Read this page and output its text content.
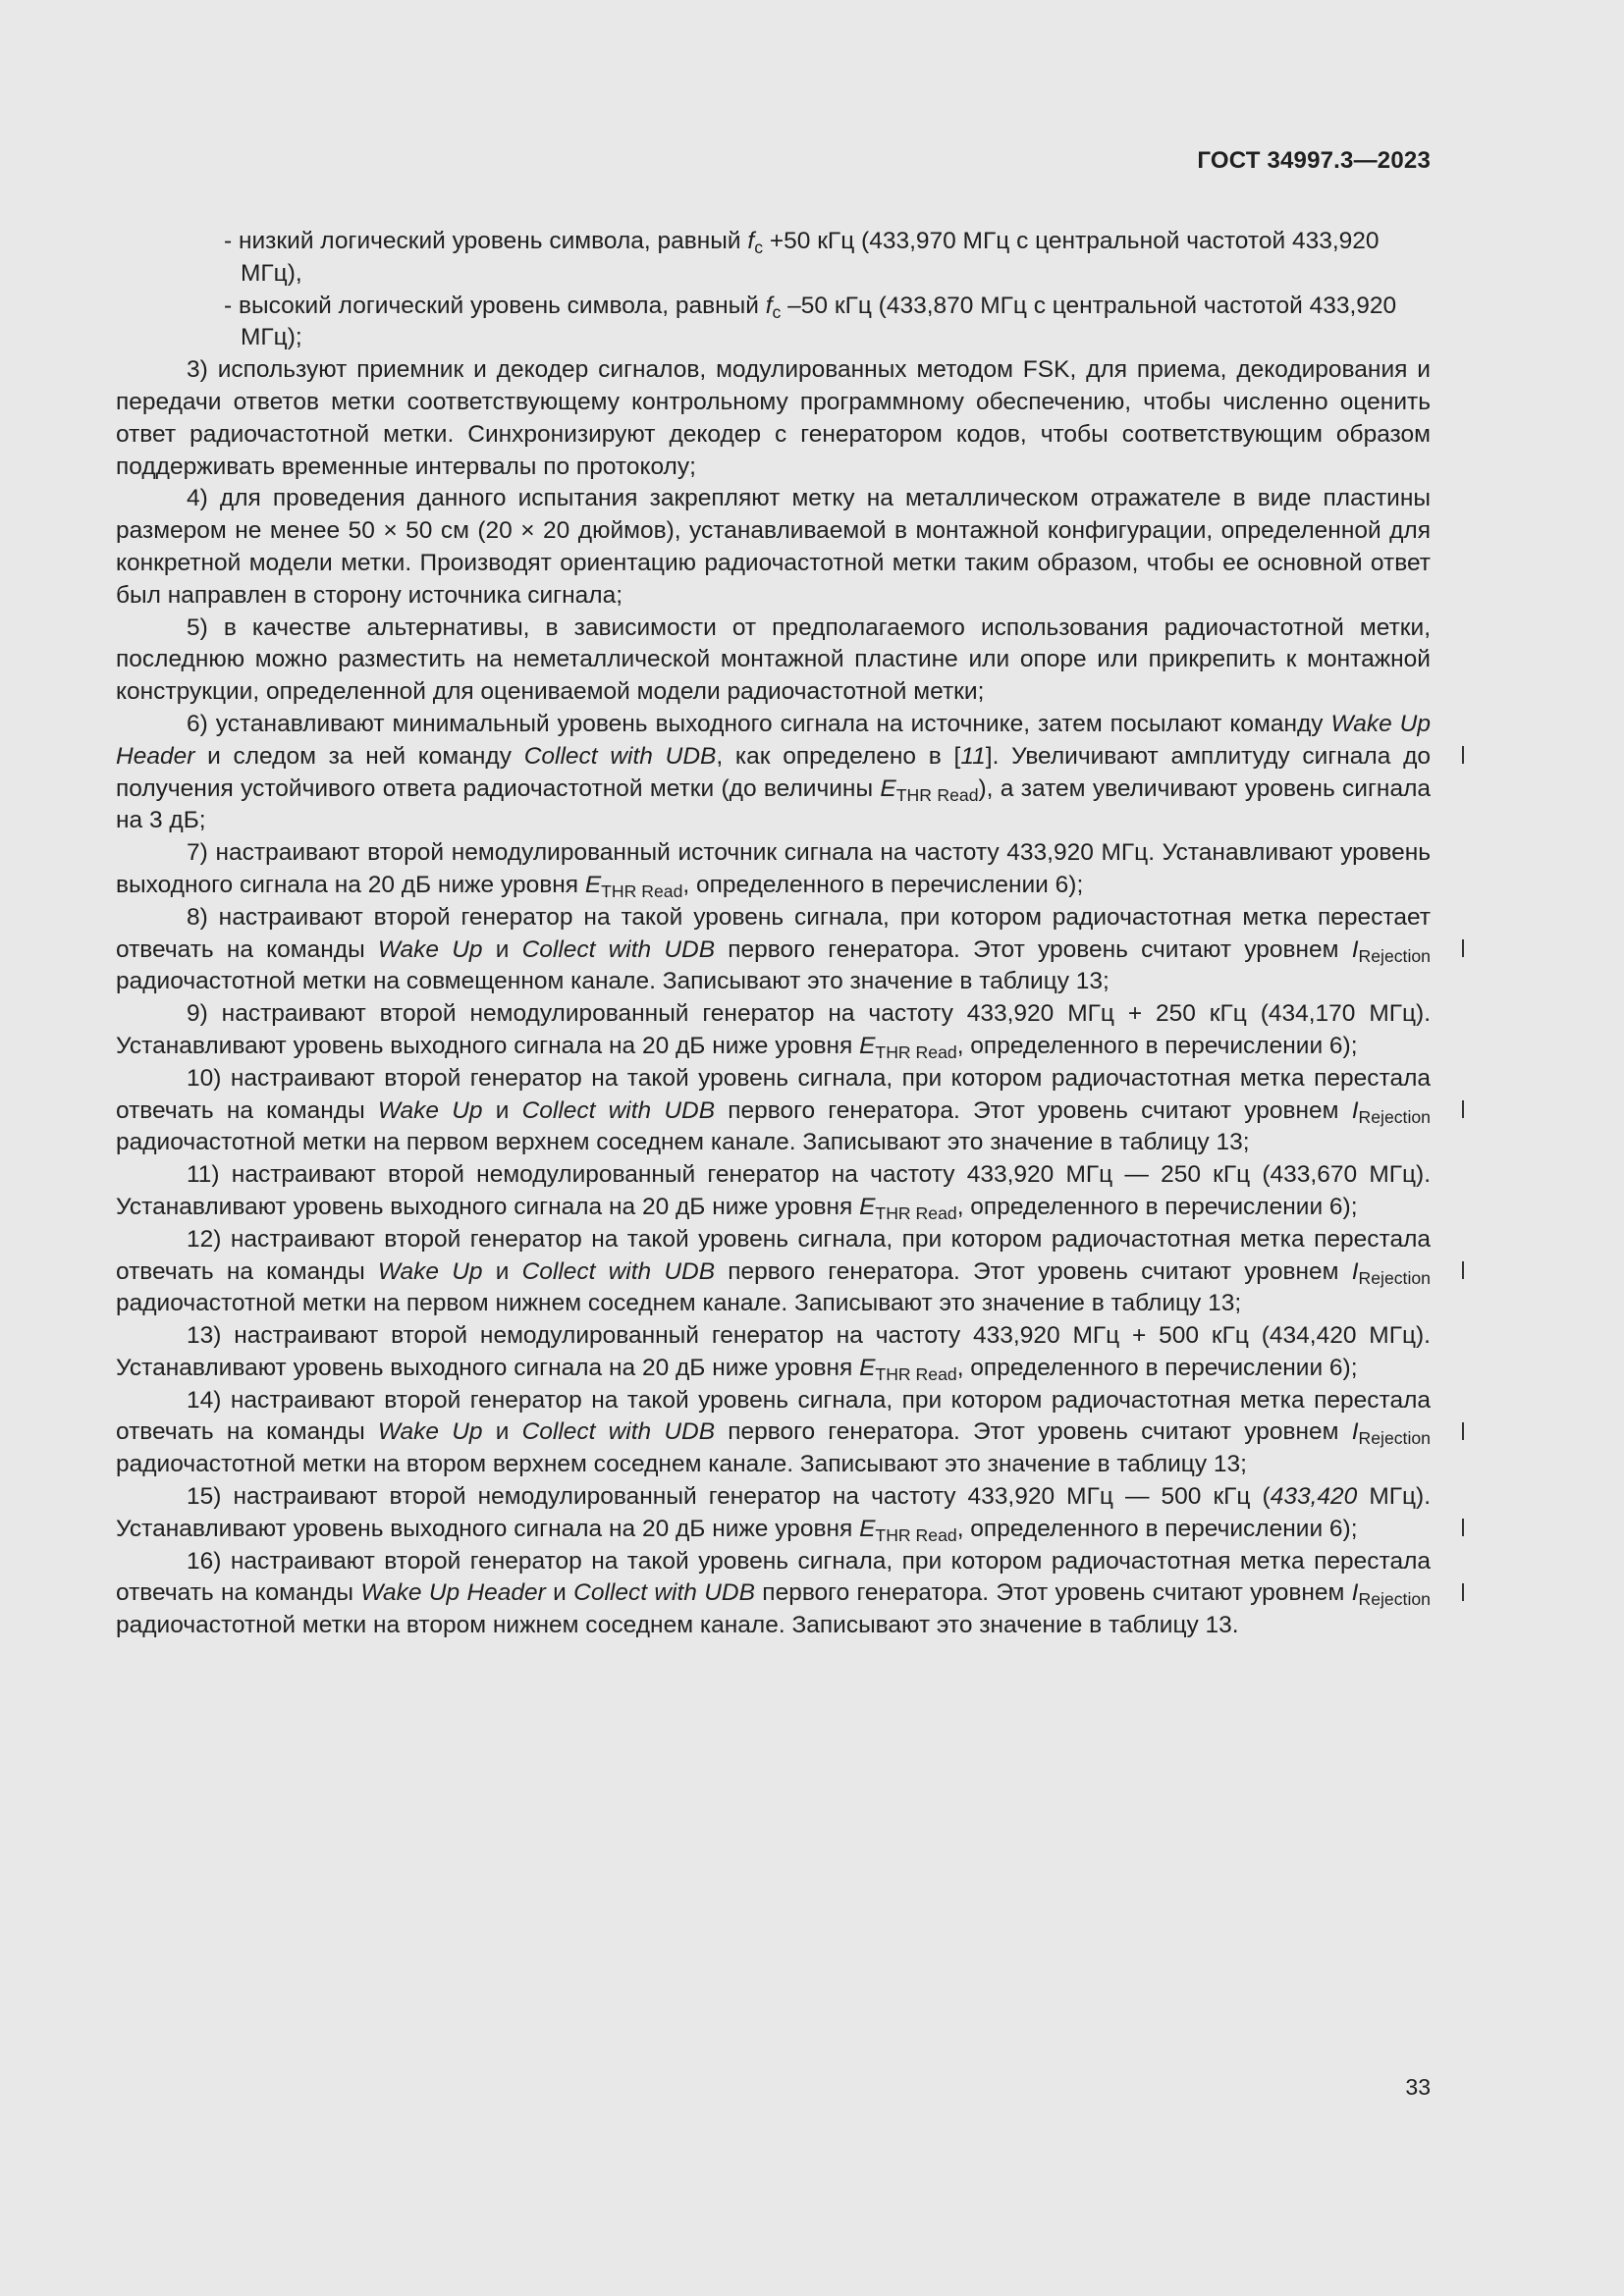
ГОСТ 34997.3—2023

- низкий логический уровень символа, равный $f_c +50$ кГц (433,970 МГц с центральной частотой 433,920 МГц),

- высокий логический уровень символа, равный $f_c$ –50 кГц (433,870 МГц с центральной частотой 433,920 МГц);

3) используют приемник и декодер сигналов, модулированных методом FSK, для приема, декодирования и передачи ответов метки соответствующему контрольному программному обеспечению, чтобы численно оценить ответ радиочастотной метки. Синхронизируют декодер с генератором кодов, чтобы соответствующим образом поддерживать временные интервалы по протоколу;

4) для проведения данного испытания закрепляют метку на металлическом отражателе в виде пластины размером не менее 50 × 50 см (20 × 20 дюймов), устанавливаемой в монтажной конфигурации, определенной для конкретной модели метки. Производят ориентацию радиочастотной метки таким образом, чтобы ее основной ответ был направлен в сторону источника сигнала;

5) в качестве альтернативы, в зависимости от предполагаемого использования радиочастотной метки, последнюю можно разместить на неметаллической монтажной пластине или опоре или прикрепить к монтажной конструкции, определенной для оцениваемой модели радиочастотной метки;

6) устанавливают минимальный уровень выходного сигнала на источнике, затем посылают команду Wake Up Header и следом за ней команду Collect with UDB, как определено в [11]. Увеличивают амплитуду сигнала до получения устойчивого ответа радиочастотной метки (до величины $E_{THR Read}$), а затем увеличивают уровень сигнала на 3 дБ;

7) настраивают второй немодулированный источник сигнала на частоту 433,920 МГц. Устанавливают уровень выходного сигнала на 20 дБ ниже уровня $E_{THR Read}$, определенного в перечислении 6);

8) настраивают второй генератор на такой уровень сигнала, при котором радиочастотная метка перестает отвечать на команды Wake Up и Collect with UDB первого генератора. Этот уровень считают уровнем $I_{Rejection}$ радиочастотной метки на совмещенном канале. Записывают это значение в таблицу 13;

9) настраивают второй немодулированный генератор на частоту 433,920 МГц + 250 кГц (434,170 МГц). Устанавливают уровень выходного сигнала на 20 дБ ниже уровня $E_{THR Read}$, определенного в перечислении 6);

10) настраивают второй генератор на такой уровень сигнала, при котором радиочастотная метка перестала отвечать на команды Wake Up и Collect with UDB первого генератора. Этот уровень считают уровнем $I_{Rejection}$ радиочастотной метки на первом верхнем соседнем канале. Записывают это значение в таблицу 13;

11) настраивают второй немодулированный генератор на частоту 433,920 МГц — 250 кГц (433,670 МГц). Устанавливают уровень выходного сигнала на 20 дБ ниже уровня $E_{THR Read}$, определенного в перечислении 6);

12) настраивают второй генератор на такой уровень сигнала, при котором радиочастотная метка перестала отвечать на команды Wake Up и Collect with UDB первого генератора. Этот уровень считают уровнем $I_{Rejection}$ радиочастотной метки на первом нижнем соседнем канале. Записывают это значение в таблицу 13;

13) настраивают второй немодулированный генератор на частоту 433,920 МГц + 500 кГц (434,420 МГц). Устанавливают уровень выходного сигнала на 20 дБ ниже уровня $E_{THR Read}$, определенного в перечислении 6);

14) настраивают второй генератор на такой уровень сигнала, при котором радиочастотная метка перестала отвечать на команды Wake Up и Collect with UDB первого генератора. Этот уровень считают уровнем $I_{Rejection}$ радиочастотной метки на втором верхнем соседнем канале. Записывают это значение в таблицу 13;

15) настраивают второй немодулированный генератор на частоту 433,920 МГц — 500 кГц (433,420 МГц). Устанавливают уровень выходного сигнала на 20 дБ ниже уровня $E_{THR Read}$, определенного в перечислении 6);

16) настраивают второй генератор на такой уровень сигнала, при котором радиочастотная метка перестала отвечать на команды Wake Up Header и Collect with UDB первого генератора. Этот уровень считают уровнем $I_{Rejection}$ радиочастотной метки на втором нижнем соседнем канале. Записывают это значение в таблицу 13.

33
